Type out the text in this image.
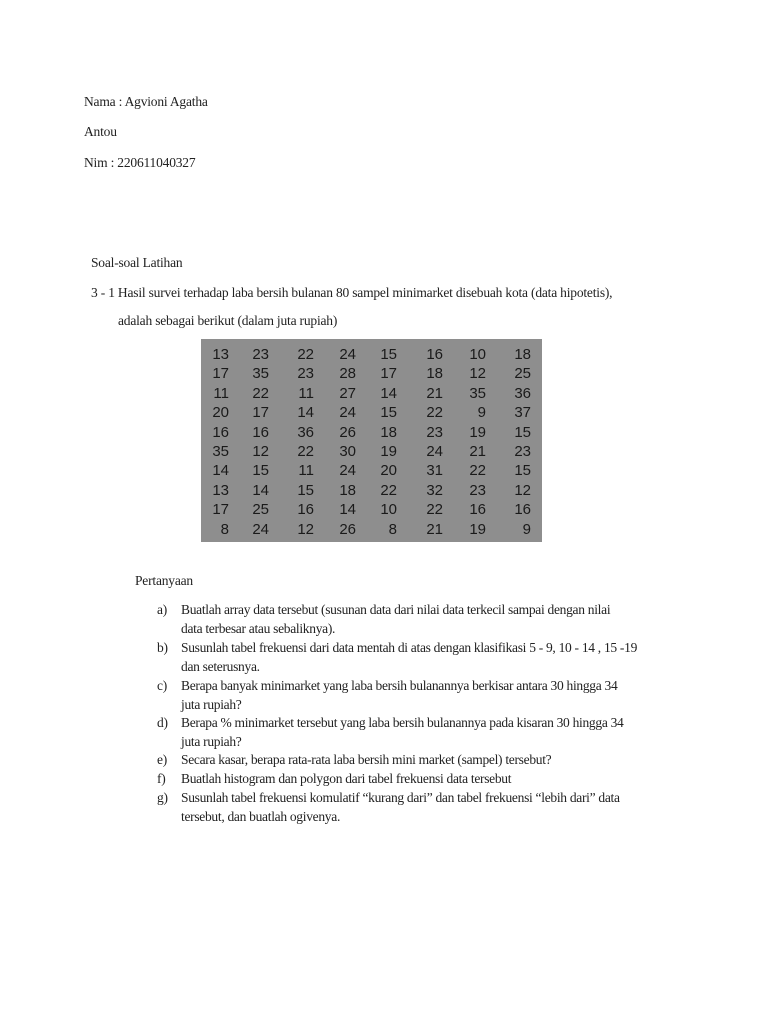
Nama : Agvioni Agatha
Antou
Nim : 220611040327
Soal-soal Latihan
3 - 1 Hasil survei terhadap laba bersih bulanan 80 sampel minimarket disebuah kota (data hipotetis),
adalah sebagai berikut (dalam juta rupiah)
13	23	22	24	15	16	10	18
17	35	23	28	17	18	12	25
11	22	11	27	14	21	35	36
20	17	14	24	15	22	9	37
16	16	36	26	18	23	19	15
35	12	22	30	19	24	21	23
14	15	11	24	20	31	22	15
13	14	15	18	22	32	23	12
17	25	16	14	10	22	16	16
8	24	12	26	8	21	19	9
Pertanyaan
a) Buatlah array data tersebut (susunan data dari nilai data terkecil sampai dengan nilai
data terbesar atau sebaliknya).
b) Susunlah tabel frekuensi dari data mentah di atas dengan klasifikasi 5 - 9, 10 - 14 , 15 -19
dan seterusnya.
c) Berapa banyak minimarket yang laba bersih bulanannya berkisar antara 30 hingga 34
juta rupiah?
d) Berapa % minimarket tersebut yang laba bersih bulanannya pada kisaran 30 hingga 34
juta rupiah?
e) Secara kasar, berapa rata-rata laba bersih mini market (sampel) tersebut?
f) Buatlah histogram dan polygon dari tabel frekuensi data tersebut
g) Susunlah tabel frekuensi komulatif “kurang dari” dan tabel frekuensi “lebih dari” data
tersebut, dan buatlah ogivenya.
